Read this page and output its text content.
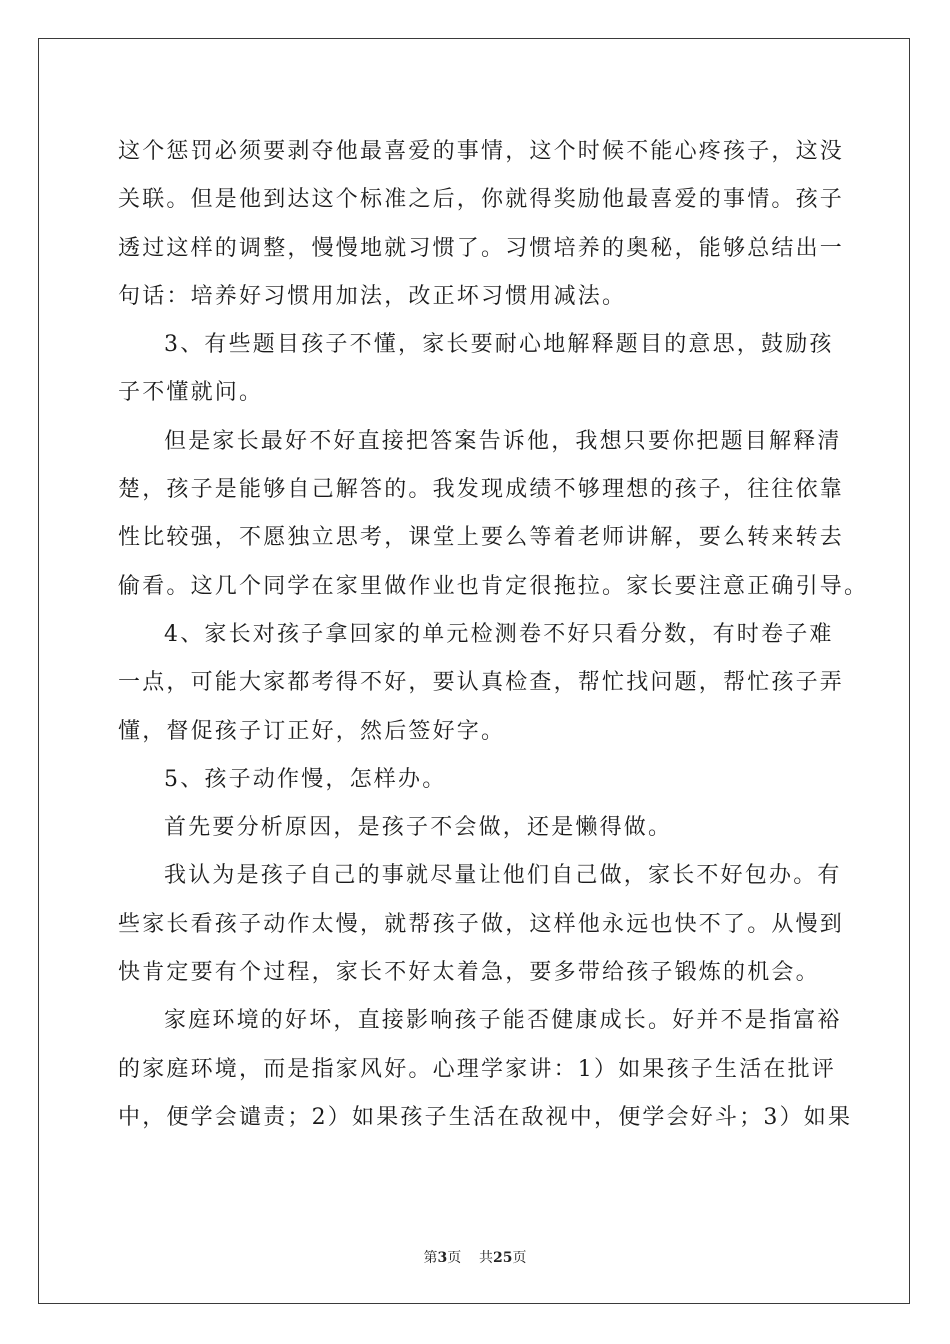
这个惩罚必须要剥夺他最喜爱的事情，这个时候不能心疼孩子，这没
关联。但是他到达这个标准之后，你就得奖励他最喜爱的事情。孩子
透过这样的调整，慢慢地就习惯了。习惯培养的奥秘，能够总结出一
句话：培养好习惯用加法，改正坏习惯用减法。
3、有些题目孩子不懂，家长要耐心地解释题目的意思，鼓励孩
子不懂就问。
但是家长最好不好直接把答案告诉他，我想只要你把题目解释清
楚，孩子是能够自己解答的。我发现成绩不够理想的孩子，往往依靠
性比较强，不愿独立思考，课堂上要么等着老师讲解，要么转来转去
偷看。这几个同学在家里做作业也肯定很拖拉。家长要注意正确引导。
4、家长对孩子拿回家的单元检测卷不好只看分数，有时卷子难
一点，可能大家都考得不好，要认真检查，帮忙找问题，帮忙孩子弄
懂，督促孩子订正好，然后签好字。
5、孩子动作慢，怎样办。
首先要分析原因，是孩子不会做，还是懒得做。
我认为是孩子自己的事就尽量让他们自己做，家长不好包办。有
些家长看孩子动作太慢，就帮孩子做，这样他永远也快不了。从慢到
快肯定要有个过程，家长不好太着急，要多带给孩子锻炼的机会。
家庭环境的好坏，直接影响孩子能否健康成长。好并不是指富裕
的家庭环境，而是指家风好。心理学家讲：1）如果孩子生活在批评
中，便学会谴责；2）如果孩子生活在敌视中，便学会好斗；3）如果
第3页 共25页
